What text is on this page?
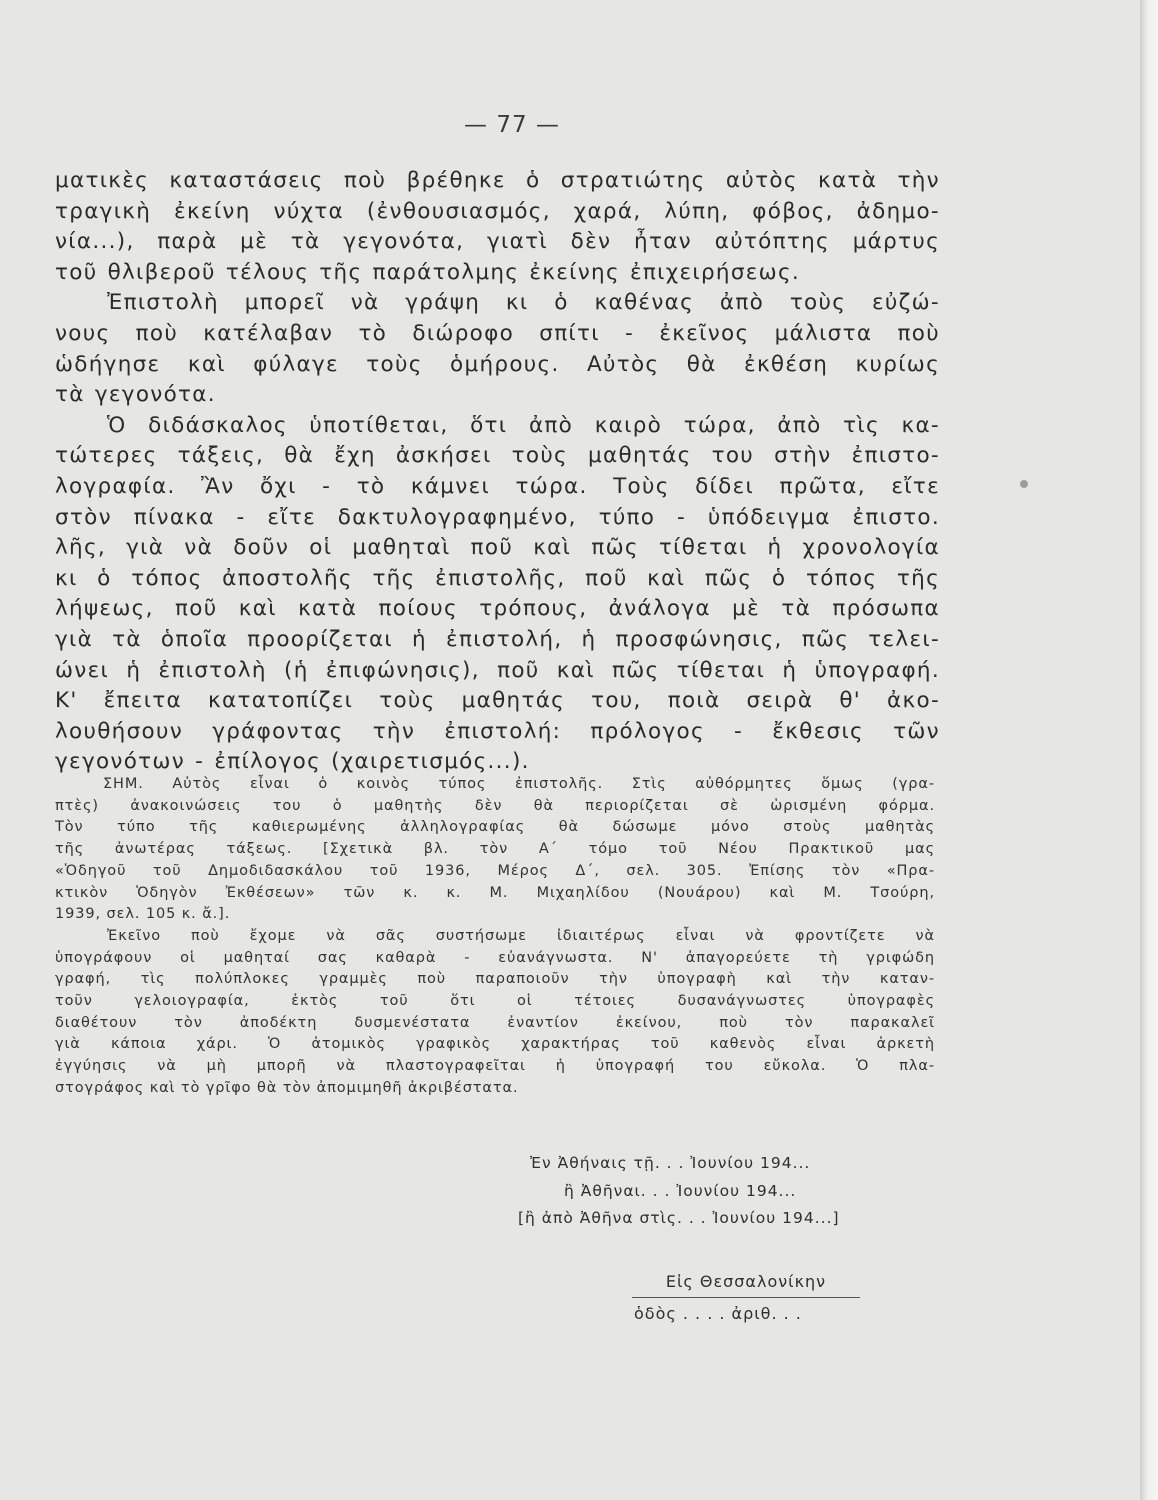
— 77 —
ματικὲς καταστάσεις ποὺ βρέθηκε ὁ στρατιώτης αὐτὸς κατὰ τὴν
τραγικὴ ἐκείνη νύχτα (ἐνθουσιασμός, χαρά, λύπη, φόβος, ἀδημο-
νία...), παρὰ μὲ τὰ γεγονότα, γιατὶ δὲν ἦταν αὐτόπτης μάρτυς
τοῦ θλιβεροῦ τέλους τῆς παράτολμης ἐκείνης ἐπιχειρήσεως.
Ἐπιστολὴ μπορεῖ νὰ γράψη κι ὁ καθένας ἀπὸ τοὺς εὐζώ-
νους ποὺ κατέλαβαν τὸ διώροφο σπίτι - ἐκεῖνος μάλιστα ποὺ
ὡδήγησε καὶ φύλαγε τοὺς ὁμήρους. Αὐτὸς θὰ ἐκθέση κυρίως
τὰ γεγονότα.
Ὁ διδάσκαλος ὑποτίθεται, ὅτι ἀπὸ καιρὸ τώρα, ἀπὸ τὶς κα-
τώτερες τάξεις, θὰ ἔχη ἀσκήσει τοὺς μαθητάς του στὴν ἐπιστο-
λογραφία. Ἂν ὄχι - τὸ κάμνει τώρα. Τοὺς δίδει πρῶτα, εἴτε
στὸν πίνακα - εἴτε δακτυλογραφημένο, τύπο - ὑπόδειγμα ἐπιστο.
λῆς, γιὰ νὰ δοῦν οἱ μαθηταὶ ποῦ καὶ πῶς τίθεται ἡ χρονολογία
κι ὁ τόπος ἀποστολῆς τῆς ἐπιστολῆς, ποῦ καὶ πῶς ὁ τόπος τῆς
λήψεως, ποῦ καὶ κατὰ ποίους τρόπους, ἀνάλογα μὲ τὰ πρόσωπα
γιὰ τὰ ὁποῖα προορίζεται ἡ ἐπιστολή, ἡ προσφώνησις, πῶς τελει-
ώνει ἡ ἐπιστολὴ (ἡ ἐπιφώνησις), ποῦ καὶ πῶς τίθεται ἡ ὑπογραφή.
Κ' ἔπειτα κατατοπίζει τοὺς μαθητάς του, ποιὰ σειρὰ θ' ἀκο-
λουθήσουν γράφοντας τὴν ἐπιστολή: πρόλογος - ἔκθεσις τῶν
γεγονότων - ἐπίλογος (χαιρετισμός...).
ΣΗΜ. Αὐτὸς εἶναι ὁ κοινὸς τύπος ἐπιστολῆς. Στὶς αὐθόρμητες ὅμως (γρα-
πτὲς) ἀνακοινώσεις του ὁ μαθητὴς δὲν θὰ περιορίζεται σὲ ὡρισμένη φόρμα.
Τὸν τύπο τῆς καθιερωμένης ἀλληλογραφίας θὰ δώσωμε μόνο στοὺς μαθητὰς
τῆς ἀνωτέρας τάξεως. [Σχετικὰ βλ. τὸν Α΄ τόμο τοῦ Νέου Πρακτικοῦ μας
«Ὁδηγοῦ τοῦ Δημοδιδασκάλου τοῦ 1936, Μέρος Δ΄, σελ. 305. Ἐπίσης τὸν «Πρα-
κτικὸν Ὁδηγὸν Ἐκθέσεων» τῶν κ. κ. Μ. Μιχαηλίδου (Νουάρου) καὶ Μ. Τσούρη,
1939, σελ. 105 κ. ἄ.].
Ἐκεῖνο ποὺ ἔχομε νὰ σᾶς συστήσωμε ἰδιαιτέρως εἶναι νὰ φροντίζετε νὰ
ὑπογράφουν οἱ μαθηταί σας καθαρὰ - εὐανάγνωστα. Ν' ἀπαγορεύετε τὴ γριφώδη
γραφή, τὶς πολύπλοκες γραμμὲς ποὺ παραποιοῦν τὴν ὑπογραφὴ καὶ τὴν καταν-
τοῦν γελοιογραφία, ἐκτὸς τοῦ ὅτι οἱ τέτοιες δυσανάγνωστες ὑπογραφὲς
διαθέτουν τὸν ἀποδέκτη δυσμενέστατα ἐναντίον ἐκείνου, ποὺ τὸν παρακαλεῖ
γιὰ κάποια χάρι. Ὁ ἀτομικὸς γραφικὸς χαρακτήρας τοῦ καθενὸς εἶναι ἀρκετὴ
ἐγγύησις νὰ μὴ μπορῆ νὰ πλαστογραφεῖται ἡ ὑπογραφή του εὔκολα. Ὁ πλα-
στογράφος καὶ τὸ γρῖφο θὰ τὸν ἀπομιμηθῆ ἀκριβέστατα.
Ἐν Ἀθήναις τῇ. . . Ἰουνίου 194...
ἢ Ἀθῆναι. . . Ἰουνίου 194...
[ἢ ἀπὸ Ἀθῆνα στὶς. . . Ἰουνίου 194...]
Εἰς Θεσσαλονίκην
ὁδὸς . . . . ἀριθ. . .
